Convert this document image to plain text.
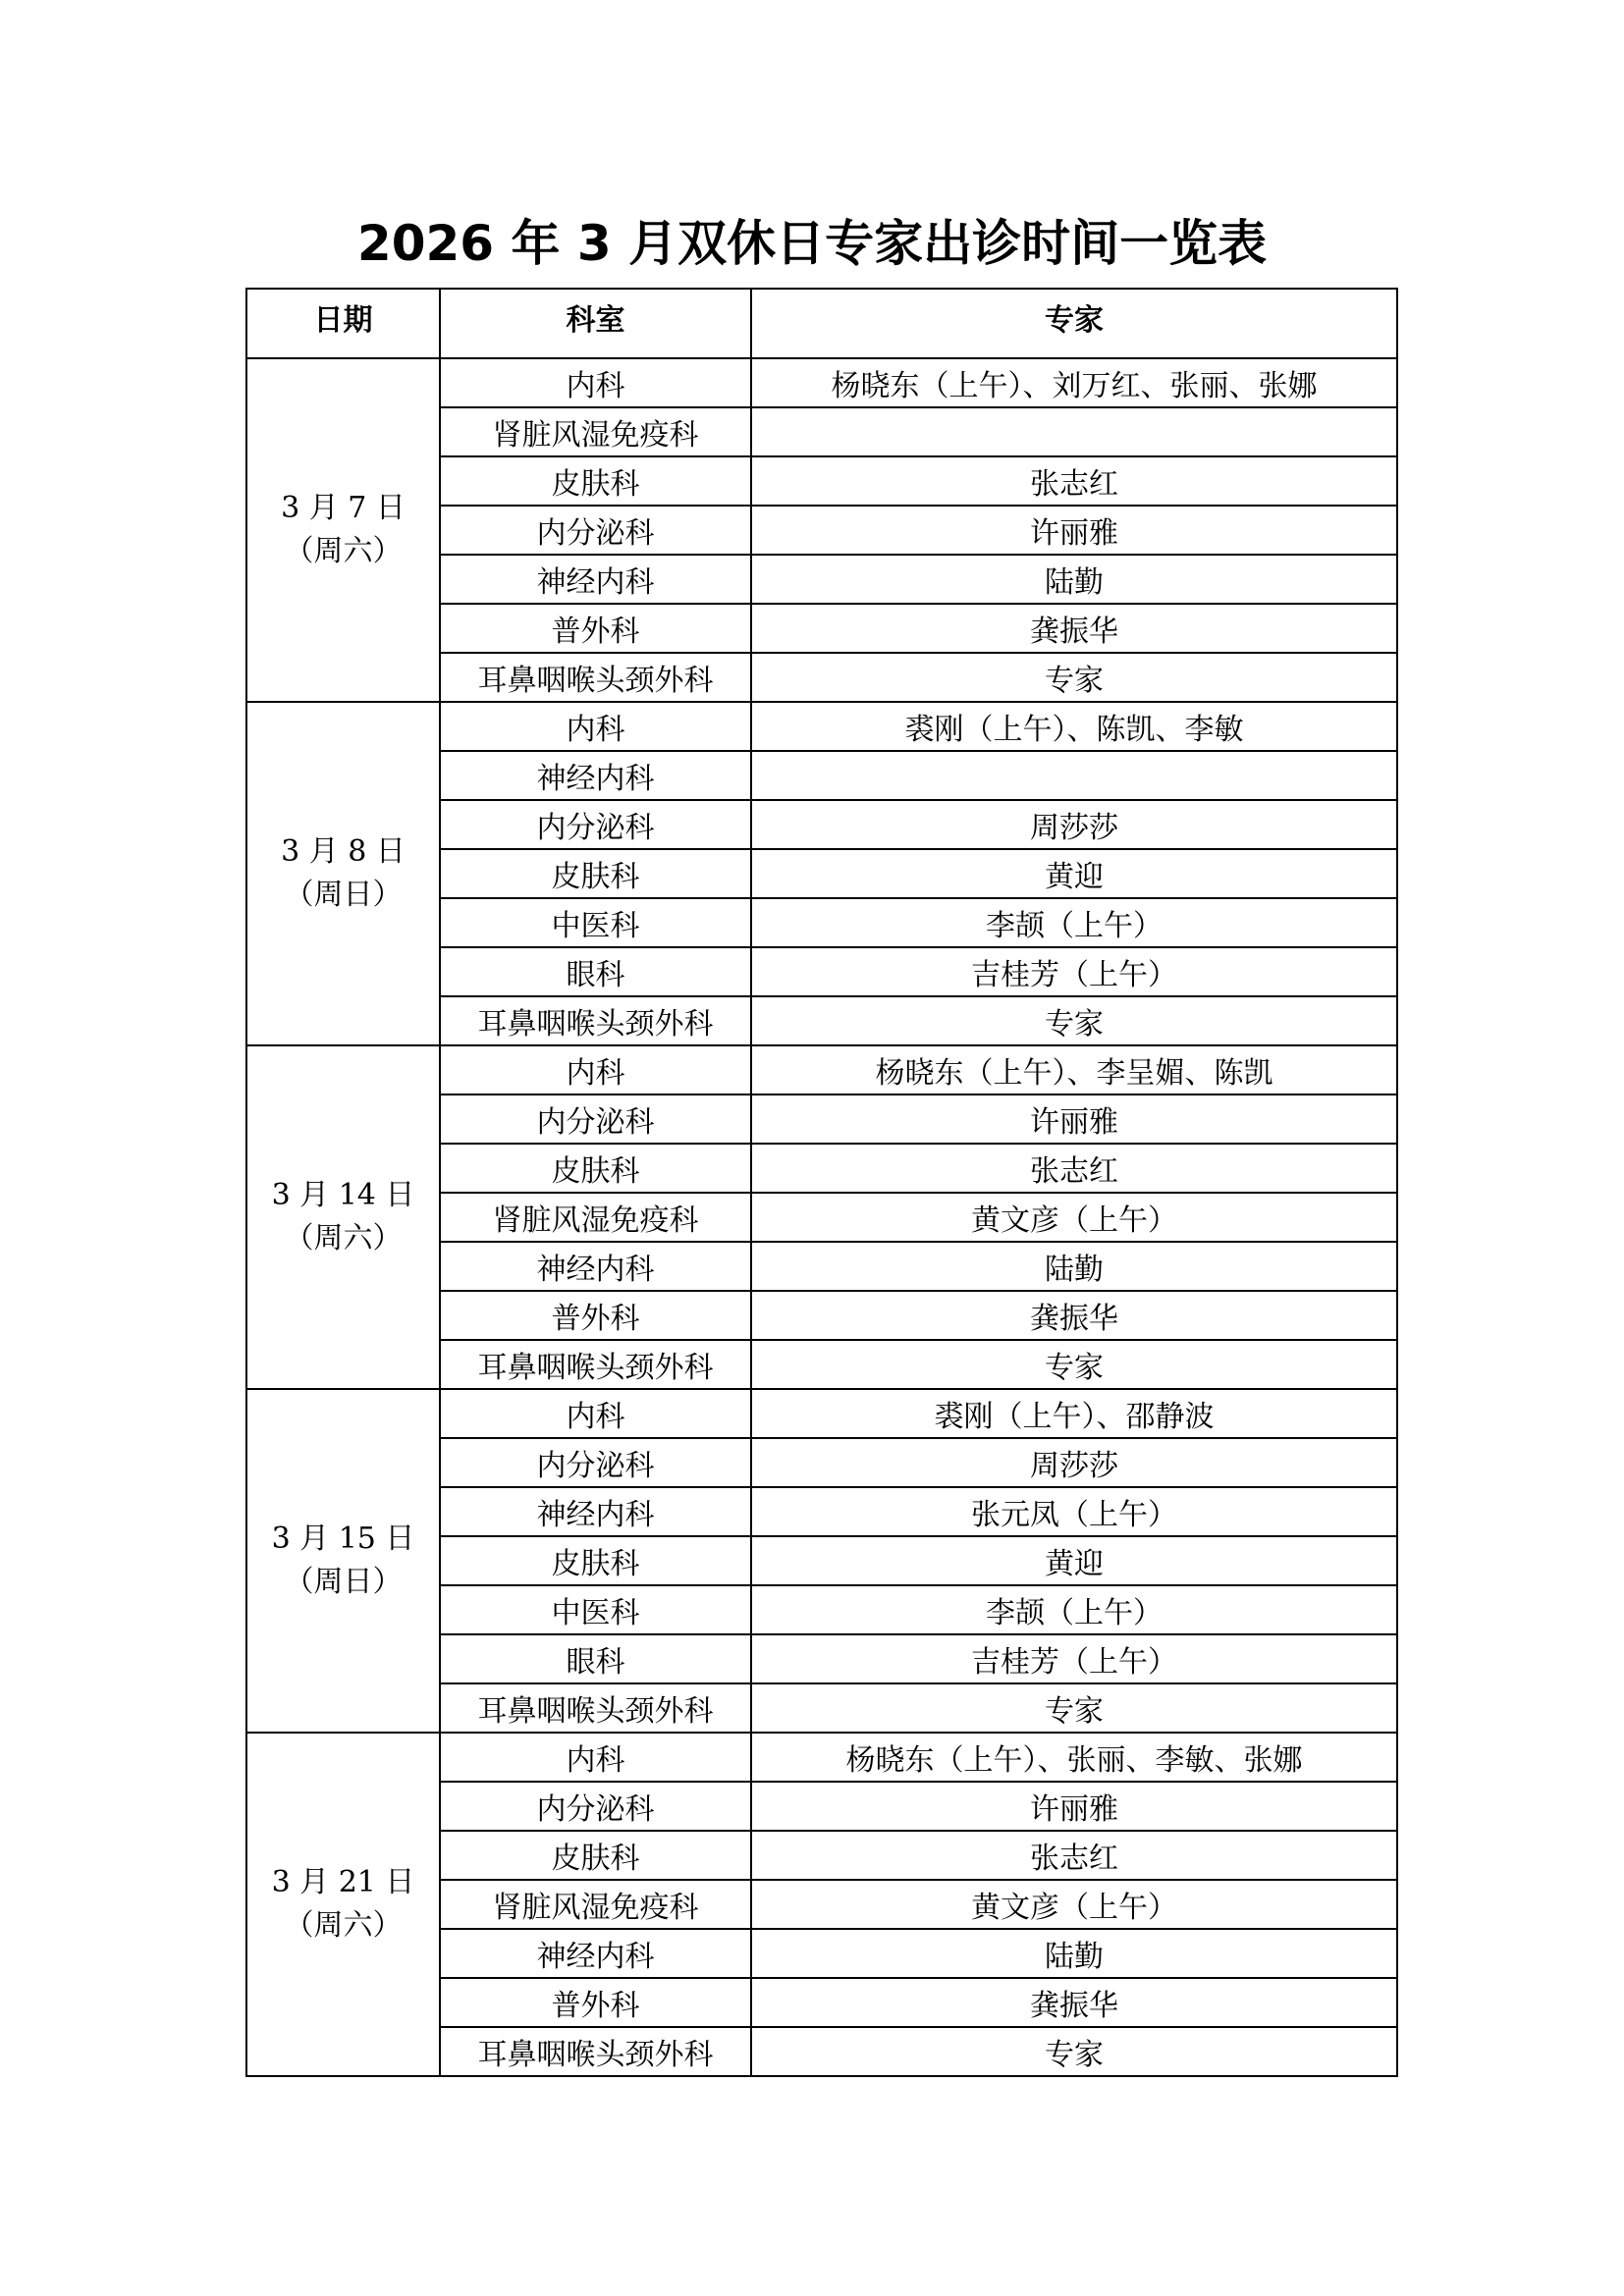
2026 年 3 月双休日专家出诊时间一览表
日期	科室	专家

3 月 7 日
（周六）	内科	杨晓东（上午）、刘万红、张丽、张娜
	肾脏风湿免疫科	
	皮肤科	张志红
	内分泌科	许丽雅
	神经内科	陆勤
	普外科	龚振华
	耳鼻咽喉头颈外科	专家

3 月 8 日
（周日）	内科	裘刚（上午）、陈凯、李敏
	神经内科	
	内分泌科	周莎莎
	皮肤科	黄迎
	中医科	李颉（上午）
	眼科	吉桂芳（上午）
	耳鼻咽喉头颈外科	专家

3 月 14 日
（周六）	内科	杨晓东（上午）、李呈媚、陈凯
	内分泌科	许丽雅
	皮肤科	张志红
	肾脏风湿免疫科	黄文彦（上午）
	神经内科	陆勤
	普外科	龚振华
	耳鼻咽喉头颈外科	专家

3 月 15 日
（周日）	内科	裘刚（上午）、邵静波
	内分泌科	周莎莎
	神经内科	张元凤（上午）
	皮肤科	黄迎
	中医科	李颉（上午）
	眼科	吉桂芳（上午）
	耳鼻咽喉头颈外科	专家

3 月 21 日
（周六）	内科	杨晓东（上午）、张丽、李敏、张娜
	内分泌科	许丽雅
	皮肤科	张志红
	肾脏风湿免疫科	黄文彦（上午）
	神经内科	陆勤
	普外科	龚振华
	耳鼻咽喉头颈外科	专家
